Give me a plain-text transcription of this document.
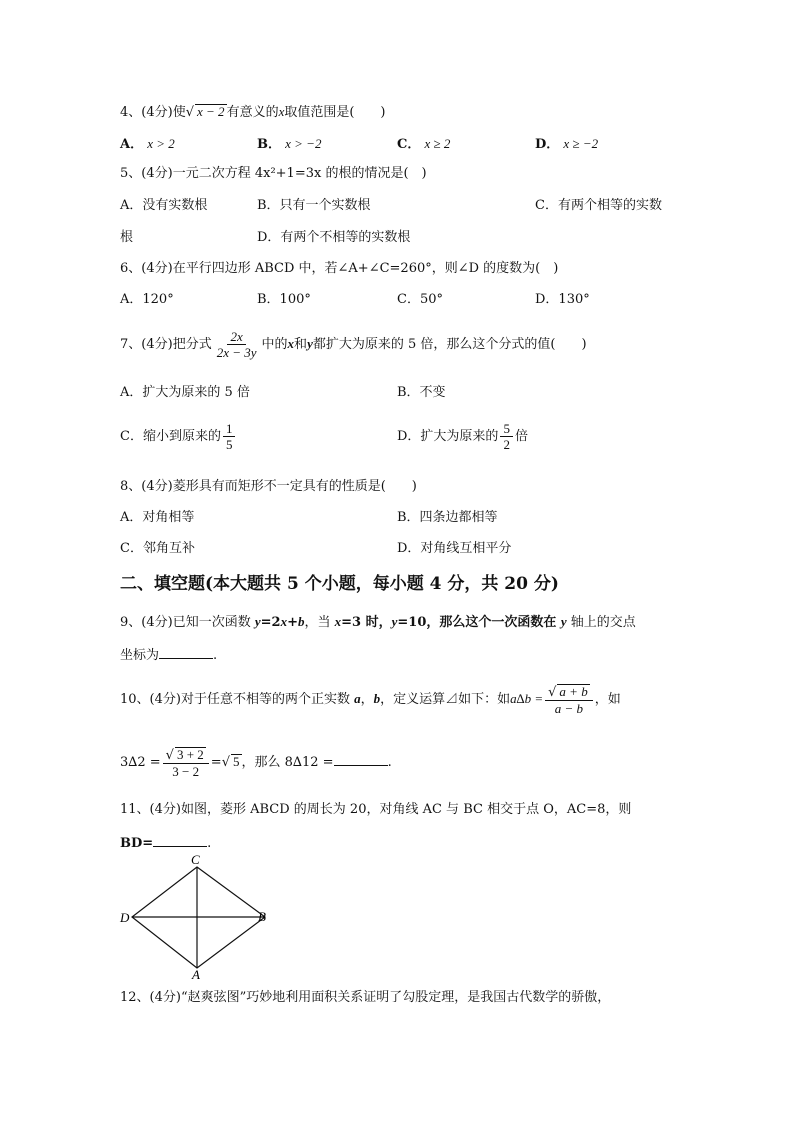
4、(4分)使√ x − 2 有意义的x取值范围是(　　)
A． x > 2	B． x > −2	C． x ≥ 2	D． x ≥ −2
5、(4分)一元二次方程 4x²+1=3x 的根的情况是(　)
A．没有实数根	B．只有一个实数根	C．有两个相等的实数
根	D．有两个不相等的实数根
6、(4分)在平行四边形 ABCD 中，若∠A+∠C=260°，则∠D 的度数为(　)
A．120°	B．100°	C．50°	D．130°
7、(4分)把分式 $\frac{2x}{2x - 3y}$ 中的x和y都扩大为原来的 5 倍，那么这个分式的值(　　)
A．扩大为原来的 5 倍	B．不变
C．缩小到原来的 $\frac{1}{5}$	D．扩大为原来的 $\frac{5}{2}$ 倍
8、(4分)菱形具有而矩形不一定具有的性质是(　　)
A．对角相等	B．四条边都相等
C．邻角互补	D．对角线互相平分
二、填空题(本大题共 5 个小题，每小题 4 分，共 20 分)
9、(4分)已知一次函数 y=2x+b，当 x=3 时，y=10，那么这个一次函数在 y 轴上的交点
坐标为	.
10、(4分)对于任意不相等的两个正实数 a，b，定义运算⊿如下：如$a\Delta b = \frac{√ a + b}{a - b}$ ，如
$3\Delta 2 = \frac{√ 3 + 2}{3 - 2}$ =√ 5 ，那么 8∆12 =	.
11、(4分)如图，菱形 ABCD 的周长为 20，对角线 AC 与 BC 相交于点 O，AC=8，则
BD=	.
C
D	B
A
12、(4分)“赵爽弦图”巧妙地利用面积关系证明了勾股定理，是我国古代数学的骄傲，
